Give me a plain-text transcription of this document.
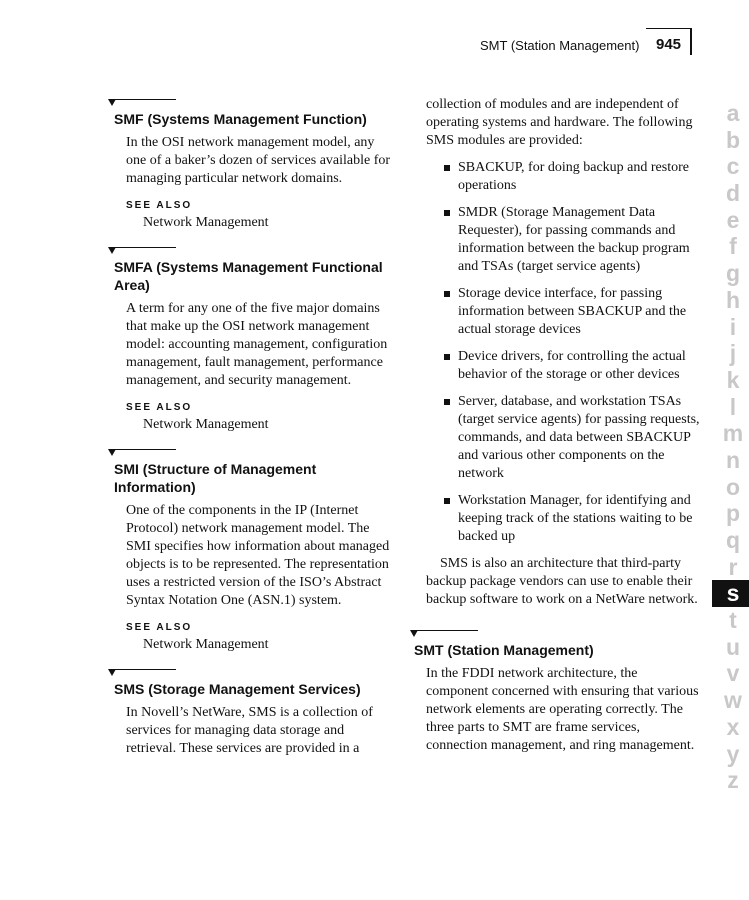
SMT (Station Management) 945
SMF (Systems Management Function)

In the OSI network management model, any one of a baker’s dozen of services available for managing particular network domains.

SEE ALSO
Network Management
SMFA (Systems Management Functional Area)

A term for any one of the five major domains that make up the OSI network management model: accounting management, configuration management, fault management, performance management, and security management.

SEE ALSO
Network Management
SMI (Structure of Management Information)

One of the components in the IP (Internet Protocol) network management model. The SMI specifies how information about managed objects is to be represented. The representation uses a restricted version of the ISO’s Abstract Syntax Notation One (ASN.1) system.

SEE ALSO
Network Management
SMS (Storage Management Services)

In Novell’s NetWare, SMS is a collection of services for managing data storage and retrieval. These services are provided in a

collection of modules and are independent of operating systems and hardware. The following SMS modules are provided:

SBACKUP, for doing backup and restore operations
SMDR (Storage Management Data Requester), for passing commands and information between the backup program and TSAs (target service agents)
Storage device interface, for passing information between SBACKUP and the actual storage devices
Device drivers, for controlling the actual behavior of the storage or other devices
Server, database, and workstation TSAs (target service agents) for passing requests, commands, and data between SBACKUP and various other components on the network
Workstation Manager, for identifying and keeping track of the stations waiting to be backed up

SMS is also an architecture that third-party backup package vendors can use to enable their backup software to work on a NetWare network.

SMT (Station Management)

In the FDDI network architecture, the component concerned with ensuring that various network elements are operating correctly. The three parts to SMT are frame services, connection management, and ring management.

a
b
c
d
e
f
g
h
i
j
k
l
m
n
o
p
q
r
s
t
u
v
w
x
y
z
